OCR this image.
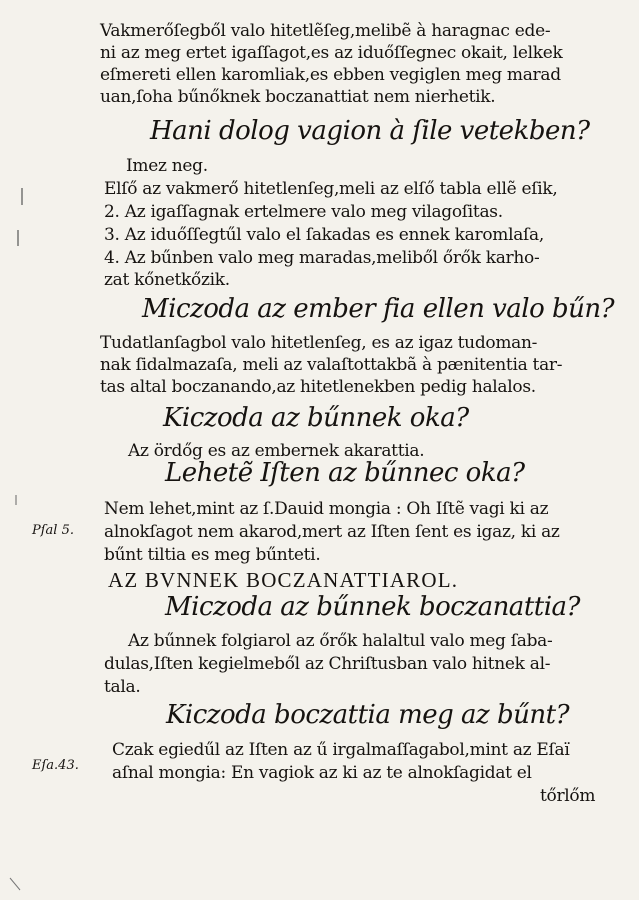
Vakmerőſegből valo hitetlẽſeg,melibẽ à haragnac ede-
ni az meg ertet igaſſagot,es az iduőſſegnec okait, lelkek
eſmereti ellen karomliak,es ebben vegiglen meg marad
uan,ſoha bűnőknek boczanattiat nem nierhetik.
Hani dolog vagion à ſile vetekben?
Imez neg.
Elſő az vakmerő hitetlenſeg,meli az elſő tabla ellẽ eſik,
2. Az igaſſagnak ertelmere valo meg vilagoſitas.
3. Az iduőſſegtűl valo el ſakadas es ennek karomlaſa,
4. Az bűnben valo meg maradas,meliből őrők karho-
zat kőnetkőzik.
Miczoda az ember fia ellen valo bűn?
Tudatlanſagbol valo hitetlenſeg, es az igaz tudoman-
nak ſidalmazaſa, meli az valaſtottakbã à pænitentia tar-
tas altal boczanando,az hitetlenekben pedig halalos.
Kiczoda az bűnnek oka?
Az ördőg es az embernek akarattia.
Lehetẽ Iſten az bűnnec oka?
Nem lehet,mint az ſ.Dauid mongia : Oh Iſtẽ vagi ki az
Pſal 5. alnokſagot nem akarod,mert az Iſten ſent es igaz, ki az
bűnt tiltia es meg bűnteti.
AZ BVNNEK BOCZANATTIAROL.
Miczoda az bűnnek boczanattia?
Az bűnnek folgiarol az őrők halaltul valo meg ſaba-
dulas,Iſten kegielmeből az Chriſtusban valo hitnek al-
tala.
Kiczoda boczattia meg az bűnt?
Czak egiedűl az Iſten az ű irgalmaſſagabol,mint az Eſaï
Eſa.43. aſnal mongia: En vagiok az ki az te alnokſagidat el
tőrlőm
